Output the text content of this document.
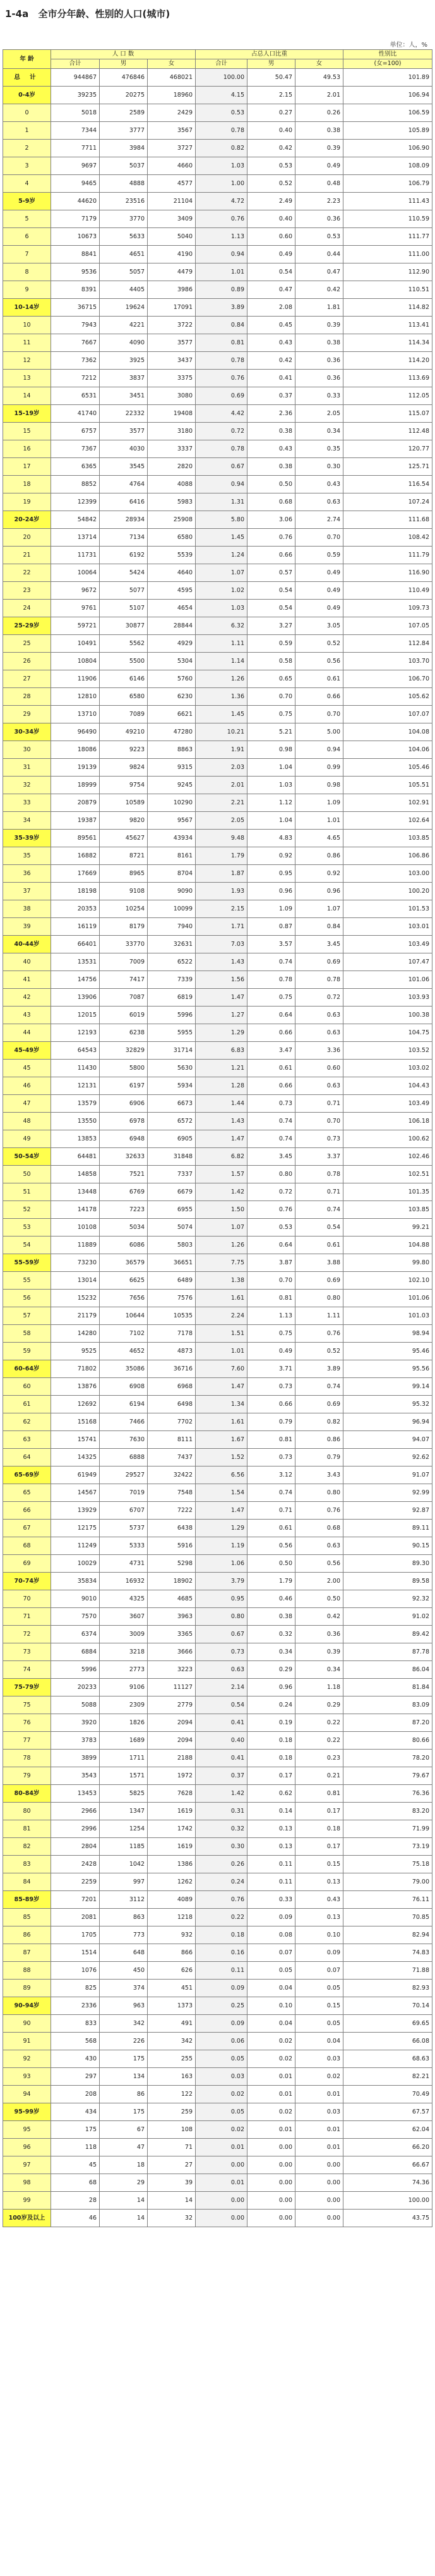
1-4a 全市分年龄、性别的人口(城市)
单位：人，%
年 龄	人 口 数			占总人口比重			性别比
	合计	男	女	合计	男	女	(女=100)
总 计	944867	476846	468021	100.00	50.47	49.53	101.89
0-4岁	39235	20275	18960	4.15	2.15	2.01	106.94
0	5018	2589	2429	0.53	0.27	0.26	106.59
1	7344	3777	3567	0.78	0.40	0.38	105.89
2	7711	3984	3727	0.82	0.42	0.39	106.90
3	9697	5037	4660	1.03	0.53	0.49	108.09
4	9465	4888	4577	1.00	0.52	0.48	106.79
5-9岁	44620	23516	21104	4.72	2.49	2.23	111.43
5	7179	3770	3409	0.76	0.40	0.36	110.59
6	10673	5633	5040	1.13	0.60	0.53	111.77
7	8841	4651	4190	0.94	0.49	0.44	111.00
8	9536	5057	4479	1.01	0.54	0.47	112.90
9	8391	4405	3986	0.89	0.47	0.42	110.51
10-14岁	36715	19624	17091	3.89	2.08	1.81	114.82
10	7943	4221	3722	0.84	0.45	0.39	113.41
11	7667	4090	3577	0.81	0.43	0.38	114.34
12	7362	3925	3437	0.78	0.42	0.36	114.20
13	7212	3837	3375	0.76	0.41	0.36	113.69
14	6531	3451	3080	0.69	0.37	0.33	112.05
15-19岁	41740	22332	19408	4.42	2.36	2.05	115.07
15	6757	3577	3180	0.72	0.38	0.34	112.48
16	7367	4030	3337	0.78	0.43	0.35	120.77
17	6365	3545	2820	0.67	0.38	0.30	125.71
18	8852	4764	4088	0.94	0.50	0.43	116.54
19	12399	6416	5983	1.31	0.68	0.63	107.24
20-24岁	54842	28934	25908	5.80	3.06	2.74	111.68
20	13714	7134	6580	1.45	0.76	0.70	108.42
21	11731	6192	5539	1.24	0.66	0.59	111.79
22	10064	5424	4640	1.07	0.57	0.49	116.90
23	9672	5077	4595	1.02	0.54	0.49	110.49
24	9761	5107	4654	1.03	0.54	0.49	109.73
25-29岁	59721	30877	28844	6.32	3.27	3.05	107.05
25	10491	5562	4929	1.11	0.59	0.52	112.84
26	10804	5500	5304	1.14	0.58	0.56	103.70
27	11906	6146	5760	1.26	0.65	0.61	106.70
28	12810	6580	6230	1.36	0.70	0.66	105.62
29	13710	7089	6621	1.45	0.75	0.70	107.07
30-34岁	96490	49210	47280	10.21	5.21	5.00	104.08
30	18086	9223	8863	1.91	0.98	0.94	104.06
31	19139	9824	9315	2.03	1.04	0.99	105.46
32	18999	9754	9245	2.01	1.03	0.98	105.51
33	20879	10589	10290	2.21	1.12	1.09	102.91
34	19387	9820	9567	2.05	1.04	1.01	102.64
35-39岁	89561	45627	43934	9.48	4.83	4.65	103.85
35	16882	8721	8161	1.79	0.92	0.86	106.86
36	17669	8965	8704	1.87	0.95	0.92	103.00
37	18198	9108	9090	1.93	0.96	0.96	100.20
38	20353	10254	10099	2.15	1.09	1.07	101.53
39	16119	8179	7940	1.71	0.87	0.84	103.01
40-44岁	66401	33770	32631	7.03	3.57	3.45	103.49
40	13531	7009	6522	1.43	0.74	0.69	107.47
41	14756	7417	7339	1.56	0.78	0.78	101.06
42	13906	7087	6819	1.47	0.75	0.72	103.93
43	12015	6019	5996	1.27	0.64	0.63	100.38
44	12193	6238	5955	1.29	0.66	0.63	104.75
45-49岁	64543	32829	31714	6.83	3.47	3.36	103.52
45	11430	5800	5630	1.21	0.61	0.60	103.02
46	12131	6197	5934	1.28	0.66	0.63	104.43
47	13579	6906	6673	1.44	0.73	0.71	103.49
48	13550	6978	6572	1.43	0.74	0.70	106.18
49	13853	6948	6905	1.47	0.74	0.73	100.62
50-54岁	64481	32633	31848	6.82	3.45	3.37	102.46
50	14858	7521	7337	1.57	0.80	0.78	102.51
51	13448	6769	6679	1.42	0.72	0.71	101.35
52	14178	7223	6955	1.50	0.76	0.74	103.85
53	10108	5034	5074	1.07	0.53	0.54	99.21
54	11889	6086	5803	1.26	0.64	0.61	104.88
55-59岁	73230	36579	36651	7.75	3.87	3.88	99.80
55	13014	6625	6489	1.38	0.70	0.69	102.10
56	15232	7656	7576	1.61	0.81	0.80	101.06
57	21179	10644	10535	2.24	1.13	1.11	101.03
58	14280	7102	7178	1.51	0.75	0.76	98.94
59	9525	4652	4873	1.01	0.49	0.52	95.46
60-64岁	71802	35086	36716	7.60	3.71	3.89	95.56
60	13876	6908	6968	1.47	0.73	0.74	99.14
61	12692	6194	6498	1.34	0.66	0.69	95.32
62	15168	7466	7702	1.61	0.79	0.82	96.94
63	15741	7630	8111	1.67	0.81	0.86	94.07
64	14325	6888	7437	1.52	0.73	0.79	92.62
65-69岁	61949	29527	32422	6.56	3.12	3.43	91.07
65	14567	7019	7548	1.54	0.74	0.80	92.99
66	13929	6707	7222	1.47	0.71	0.76	92.87
67	12175	5737	6438	1.29	0.61	0.68	89.11
68	11249	5333	5916	1.19	0.56	0.63	90.15
69	10029	4731	5298	1.06	0.50	0.56	89.30
70-74岁	35834	16932	18902	3.79	1.79	2.00	89.58
70	9010	4325	4685	0.95	0.46	0.50	92.32
71	7570	3607	3963	0.80	0.38	0.42	91.02
72	6374	3009	3365	0.67	0.32	0.36	89.42
73	6884	3218	3666	0.73	0.34	0.39	87.78
74	5996	2773	3223	0.63	0.29	0.34	86.04
75-79岁	20233	9106	11127	2.14	0.96	1.18	81.84
75	5088	2309	2779	0.54	0.24	0.29	83.09
76	3920	1826	2094	0.41	0.19	0.22	87.20
77	3783	1689	2094	0.40	0.18	0.22	80.66
78	3899	1711	2188	0.41	0.18	0.23	78.20
79	3543	1571	1972	0.37	0.17	0.21	79.67
80-84岁	13453	5825	7628	1.42	0.62	0.81	76.36
80	2966	1347	1619	0.31	0.14	0.17	83.20
81	2996	1254	1742	0.32	0.13	0.18	71.99
82	2804	1185	1619	0.30	0.13	0.17	73.19
83	2428	1042	1386	0.26	0.11	0.15	75.18
84	2259	997	1262	0.24	0.11	0.13	79.00
85-89岁	7201	3112	4089	0.76	0.33	0.43	76.11
85	2081	863	1218	0.22	0.09	0.13	70.85
86	1705	773	932	0.18	0.08	0.10	82.94
87	1514	648	866	0.16	0.07	0.09	74.83
88	1076	450	626	0.11	0.05	0.07	71.88
89	825	374	451	0.09	0.04	0.05	82.93
90-94岁	2336	963	1373	0.25	0.10	0.15	70.14
90	833	342	491	0.09	0.04	0.05	69.65
91	568	226	342	0.06	0.02	0.04	66.08
92	430	175	255	0.05	0.02	0.03	68.63
93	297	134	163	0.03	0.01	0.02	82.21
94	208	86	122	0.02	0.01	0.01	70.49
95-99岁	434	175	259	0.05	0.02	0.03	67.57
95	175	67	108	0.02	0.01	0.01	62.04
96	118	47	71	0.01	0.00	0.01	66.20
97	45	18	27	0.00	0.00	0.00	66.67
98	68	29	39	0.01	0.00	0.00	74.36
99	28	14	14	0.00	0.00	0.00	100.00
100岁及以上	46	14	32	0.00	0.00	0.00	43.75
